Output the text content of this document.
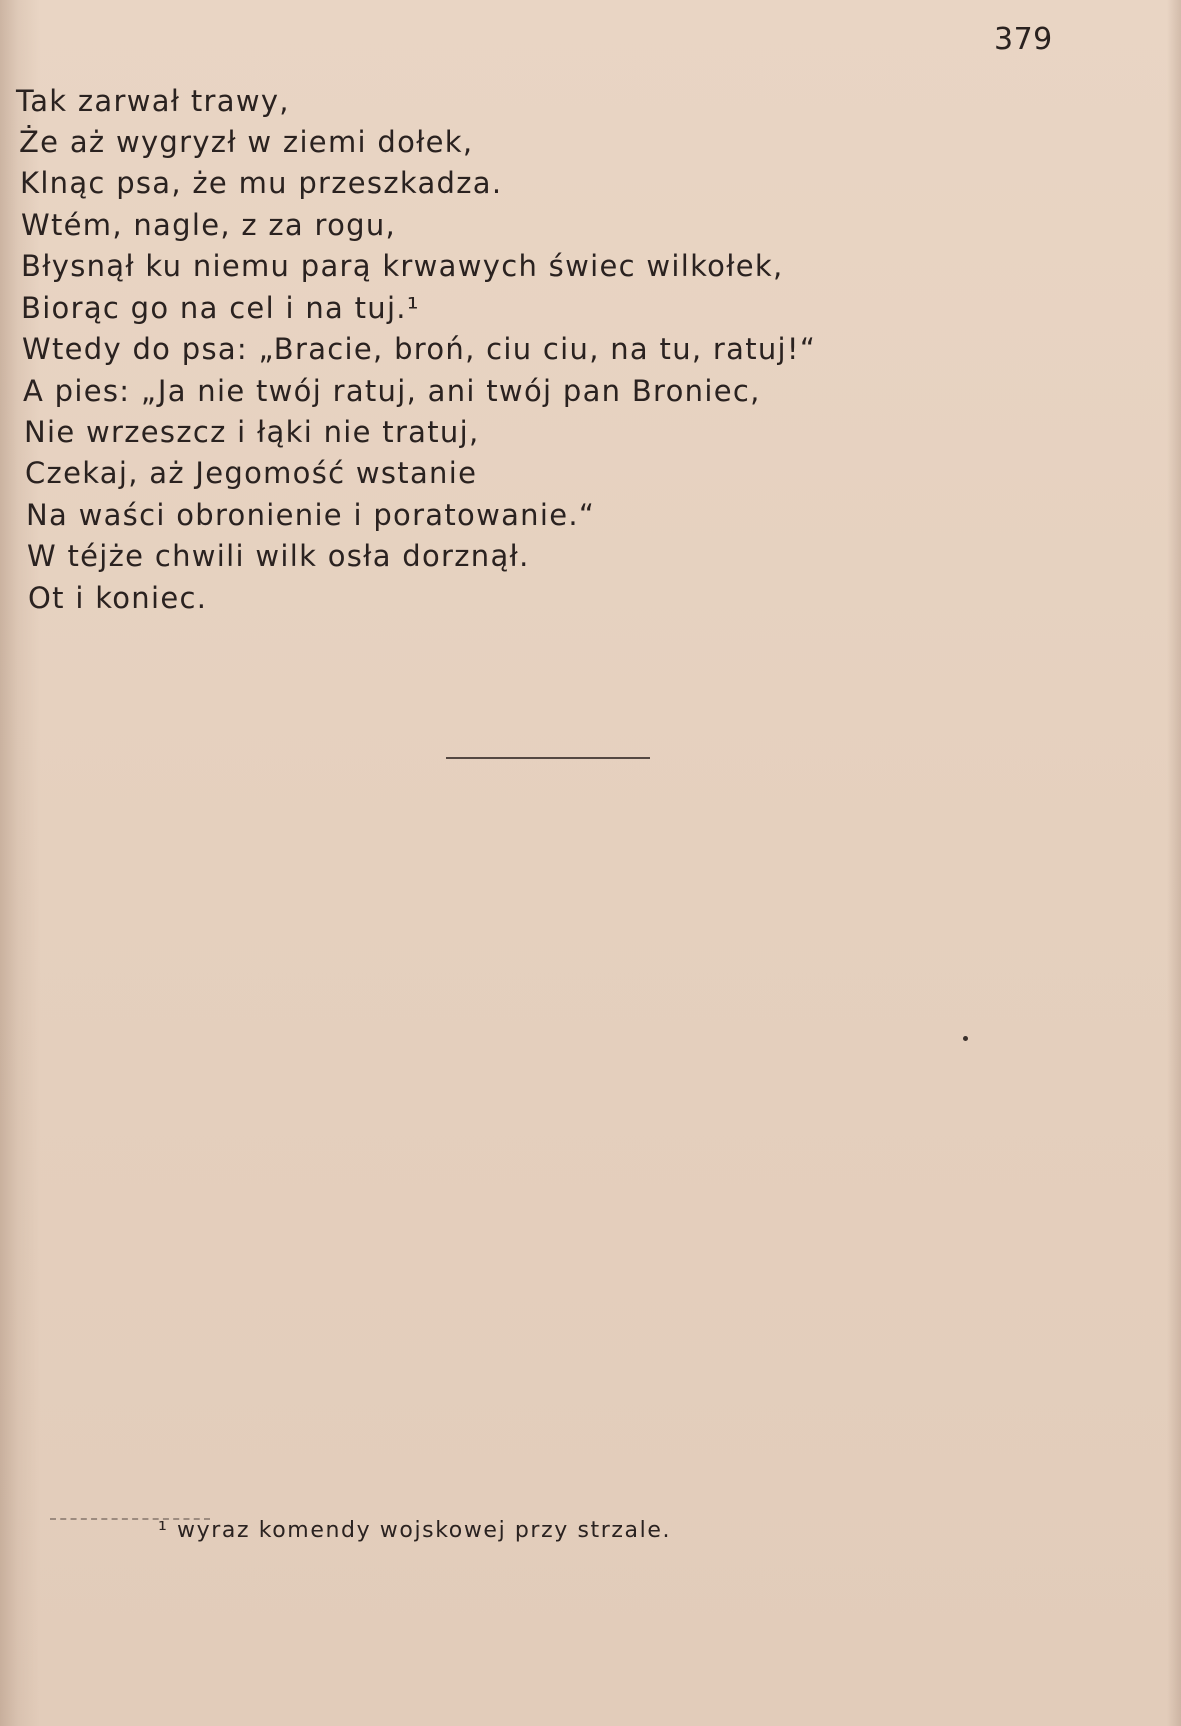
379
Tak zarwał trawy,
Że aż wygryzł w ziemi dołek,
Klnąc psa, że mu przeszkadza.
Wtém, nagle, z za rogu,
Błysnął ku niemu parą krwawych świec wilkołek,
Biorąc go na cel i na tuj.¹
Wtedy do psa: „Bracie, broń, ciu ciu, na tu, ratuj!“
A pies: „Ja nie twój ratuj, ani twój pan Broniec,
Nie wrzeszcz i łąki nie tratuj,
Czekaj, aż Jegomość wstanie
Na waści obronienie i poratowanie.“
W téjże chwili wilk osła dorznął.
Ot i koniec.
¹ wyraz komendy wojskowej przy strzale.
